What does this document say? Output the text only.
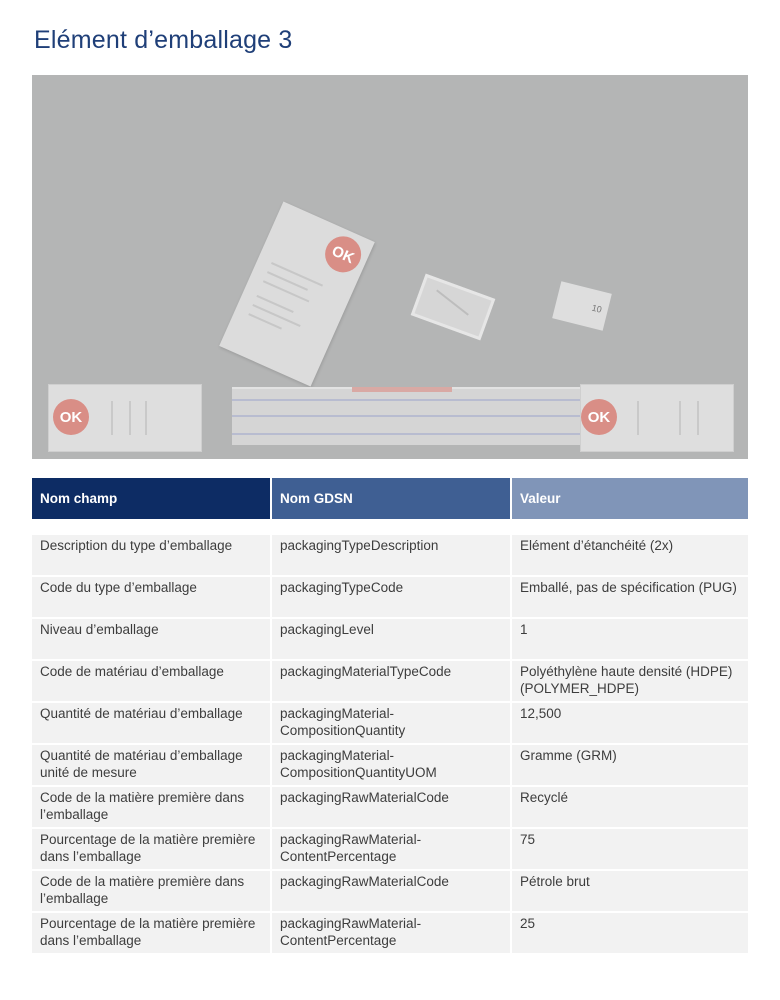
Elément d’emballage 3
OK
10
OK	OK
Nom champ	Nom GDSN	Valeur

Description du type d’emballage	packagingTypeDescription	Elément d’étanchéité (2x)
Code du type d’emballage	packagingTypeCode	Emballé, pas de spécification (PUG)
Niveau d’emballage	packagingLevel	1
Code de matériau d’emballage	packagingMaterialTypeCode	Polyéthylène haute densité (HDPE)(POLYMER_HDPE)
Quantité de matériau d’emballage	packagingMaterial-CompositionQuantity	12,500
Quantité de matériau d’emballage unité de mesure	packagingMaterial-CompositionQuantityUOM	Gramme (GRM)
Code de la matière première dans l’emballage	packagingRawMaterialCode	Recyclé
Pourcentage de la matière première dans l’emballage	packagingRawMaterial-ContentPercentage	75
Code de la matière première dans l’emballage	packagingRawMaterialCode	Pétrole brut
Pourcentage de la matière première dans l’emballage	packagingRawMaterial-ContentPercentage	25
